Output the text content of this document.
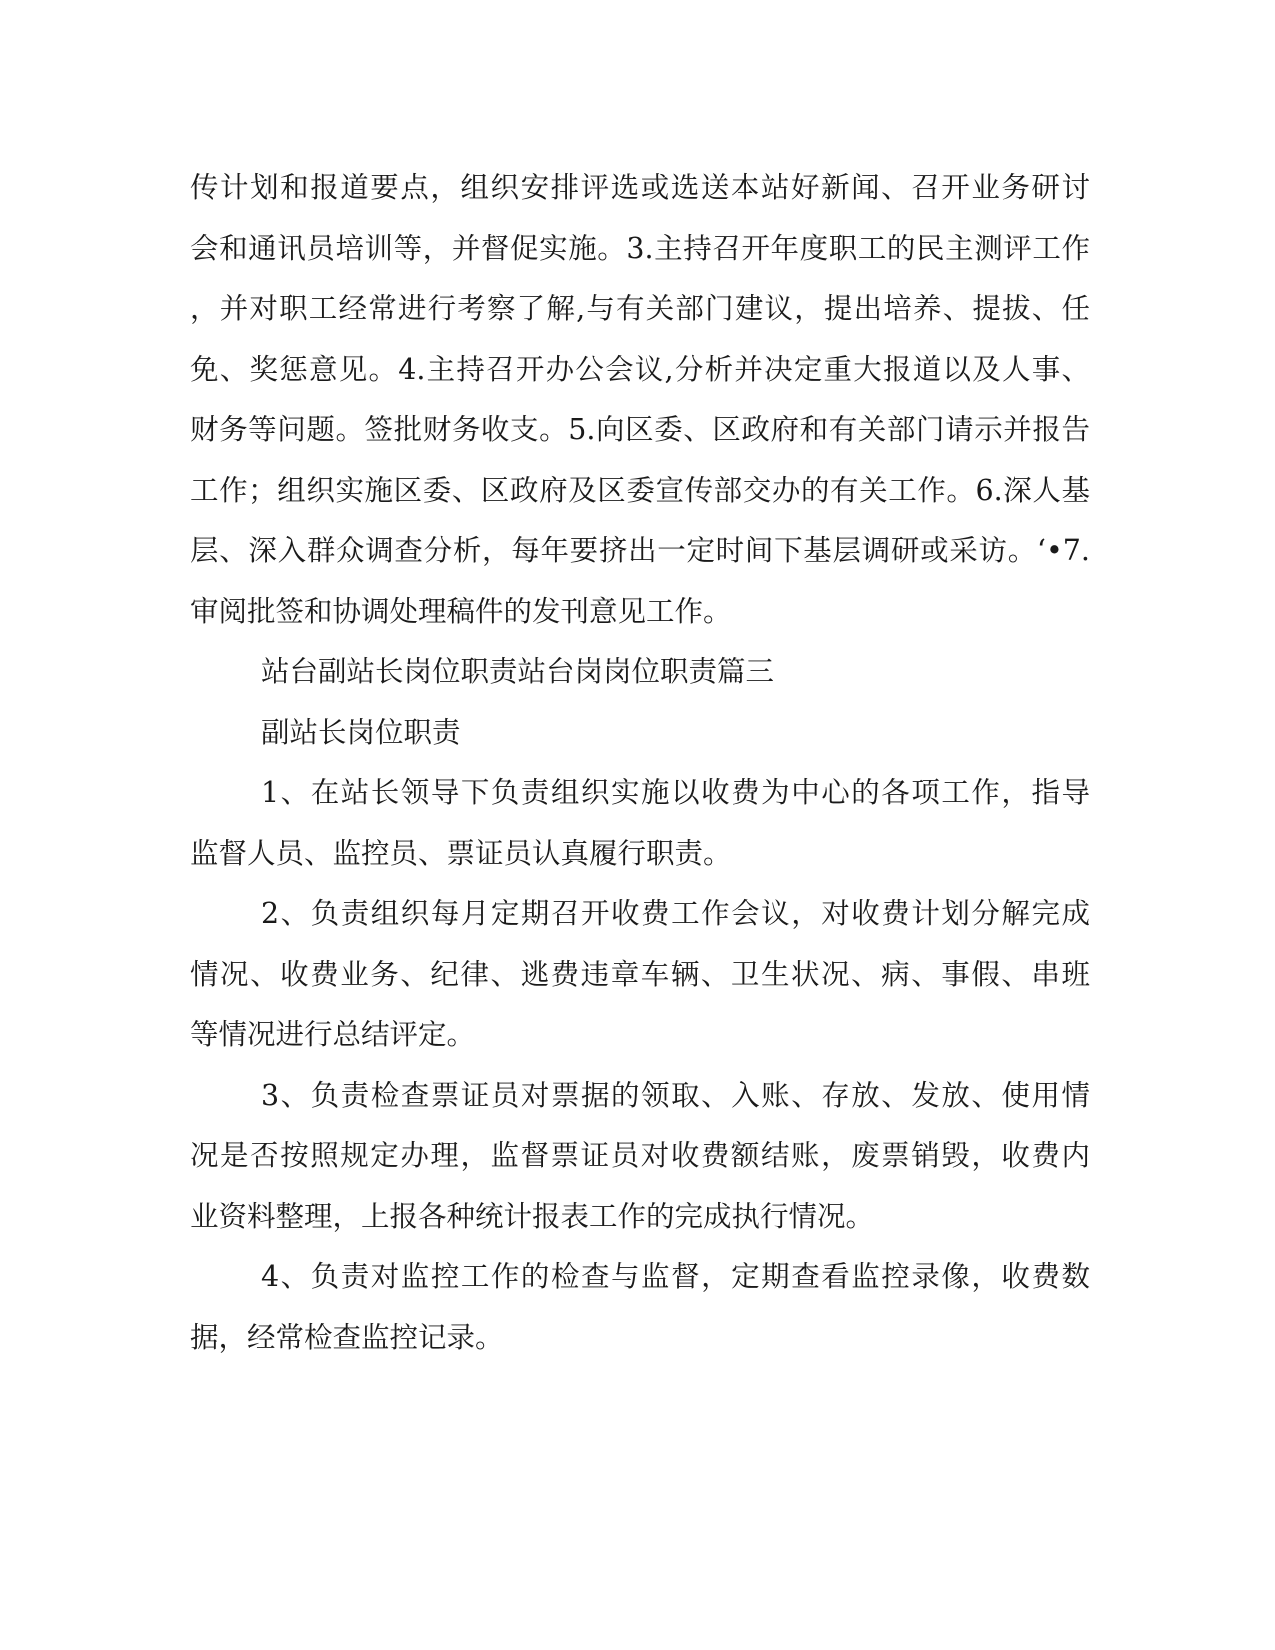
传计划和报道要点，组织安排评选或选送本站好新闻、召开业务研讨
会和通讯员培训等，并督促实施。3.主持召开年度职工的民主测评工作
，并对职工经常进行考察了解,与有关部门建议，提出培养、提拔、任
免、奖惩意见。4.主持召开办公会议,分析并决定重大报道以及人事、
财务等问题。签批财务收支。5.向区委、区政府和有关部门请示并报告
工作；组织实施区委、区政府及区委宣传部交办的有关工作。6.深人基
层、深入群众调查分析，每年要挤出一定时间下基层调研或采访。‘•7.
审阅批签和协调处理稿件的发刊意见工作。
站台副站长岗位职责站台岗岗位职责篇三
副站长岗位职责
1、在站长领导下负责组织实施以收费为中心的各项工作，指导
监督人员、监控员、票证员认真履行职责。
2、负责组织每月定期召开收费工作会议，对收费计划分解完成
情况、收费业务、纪律、逃费违章车辆、卫生状况、病、事假、串班
等情况进行总结评定。
3、负责检查票证员对票据的领取、入账、存放、发放、使用情
况是否按照规定办理，监督票证员对收费额结账，废票销毁，收费内
业资料整理，上报各种统计报表工作的完成执行情况。
4、负责对监控工作的检查与监督，定期查看监控录像，收费数
据，经常检查监控记录。
